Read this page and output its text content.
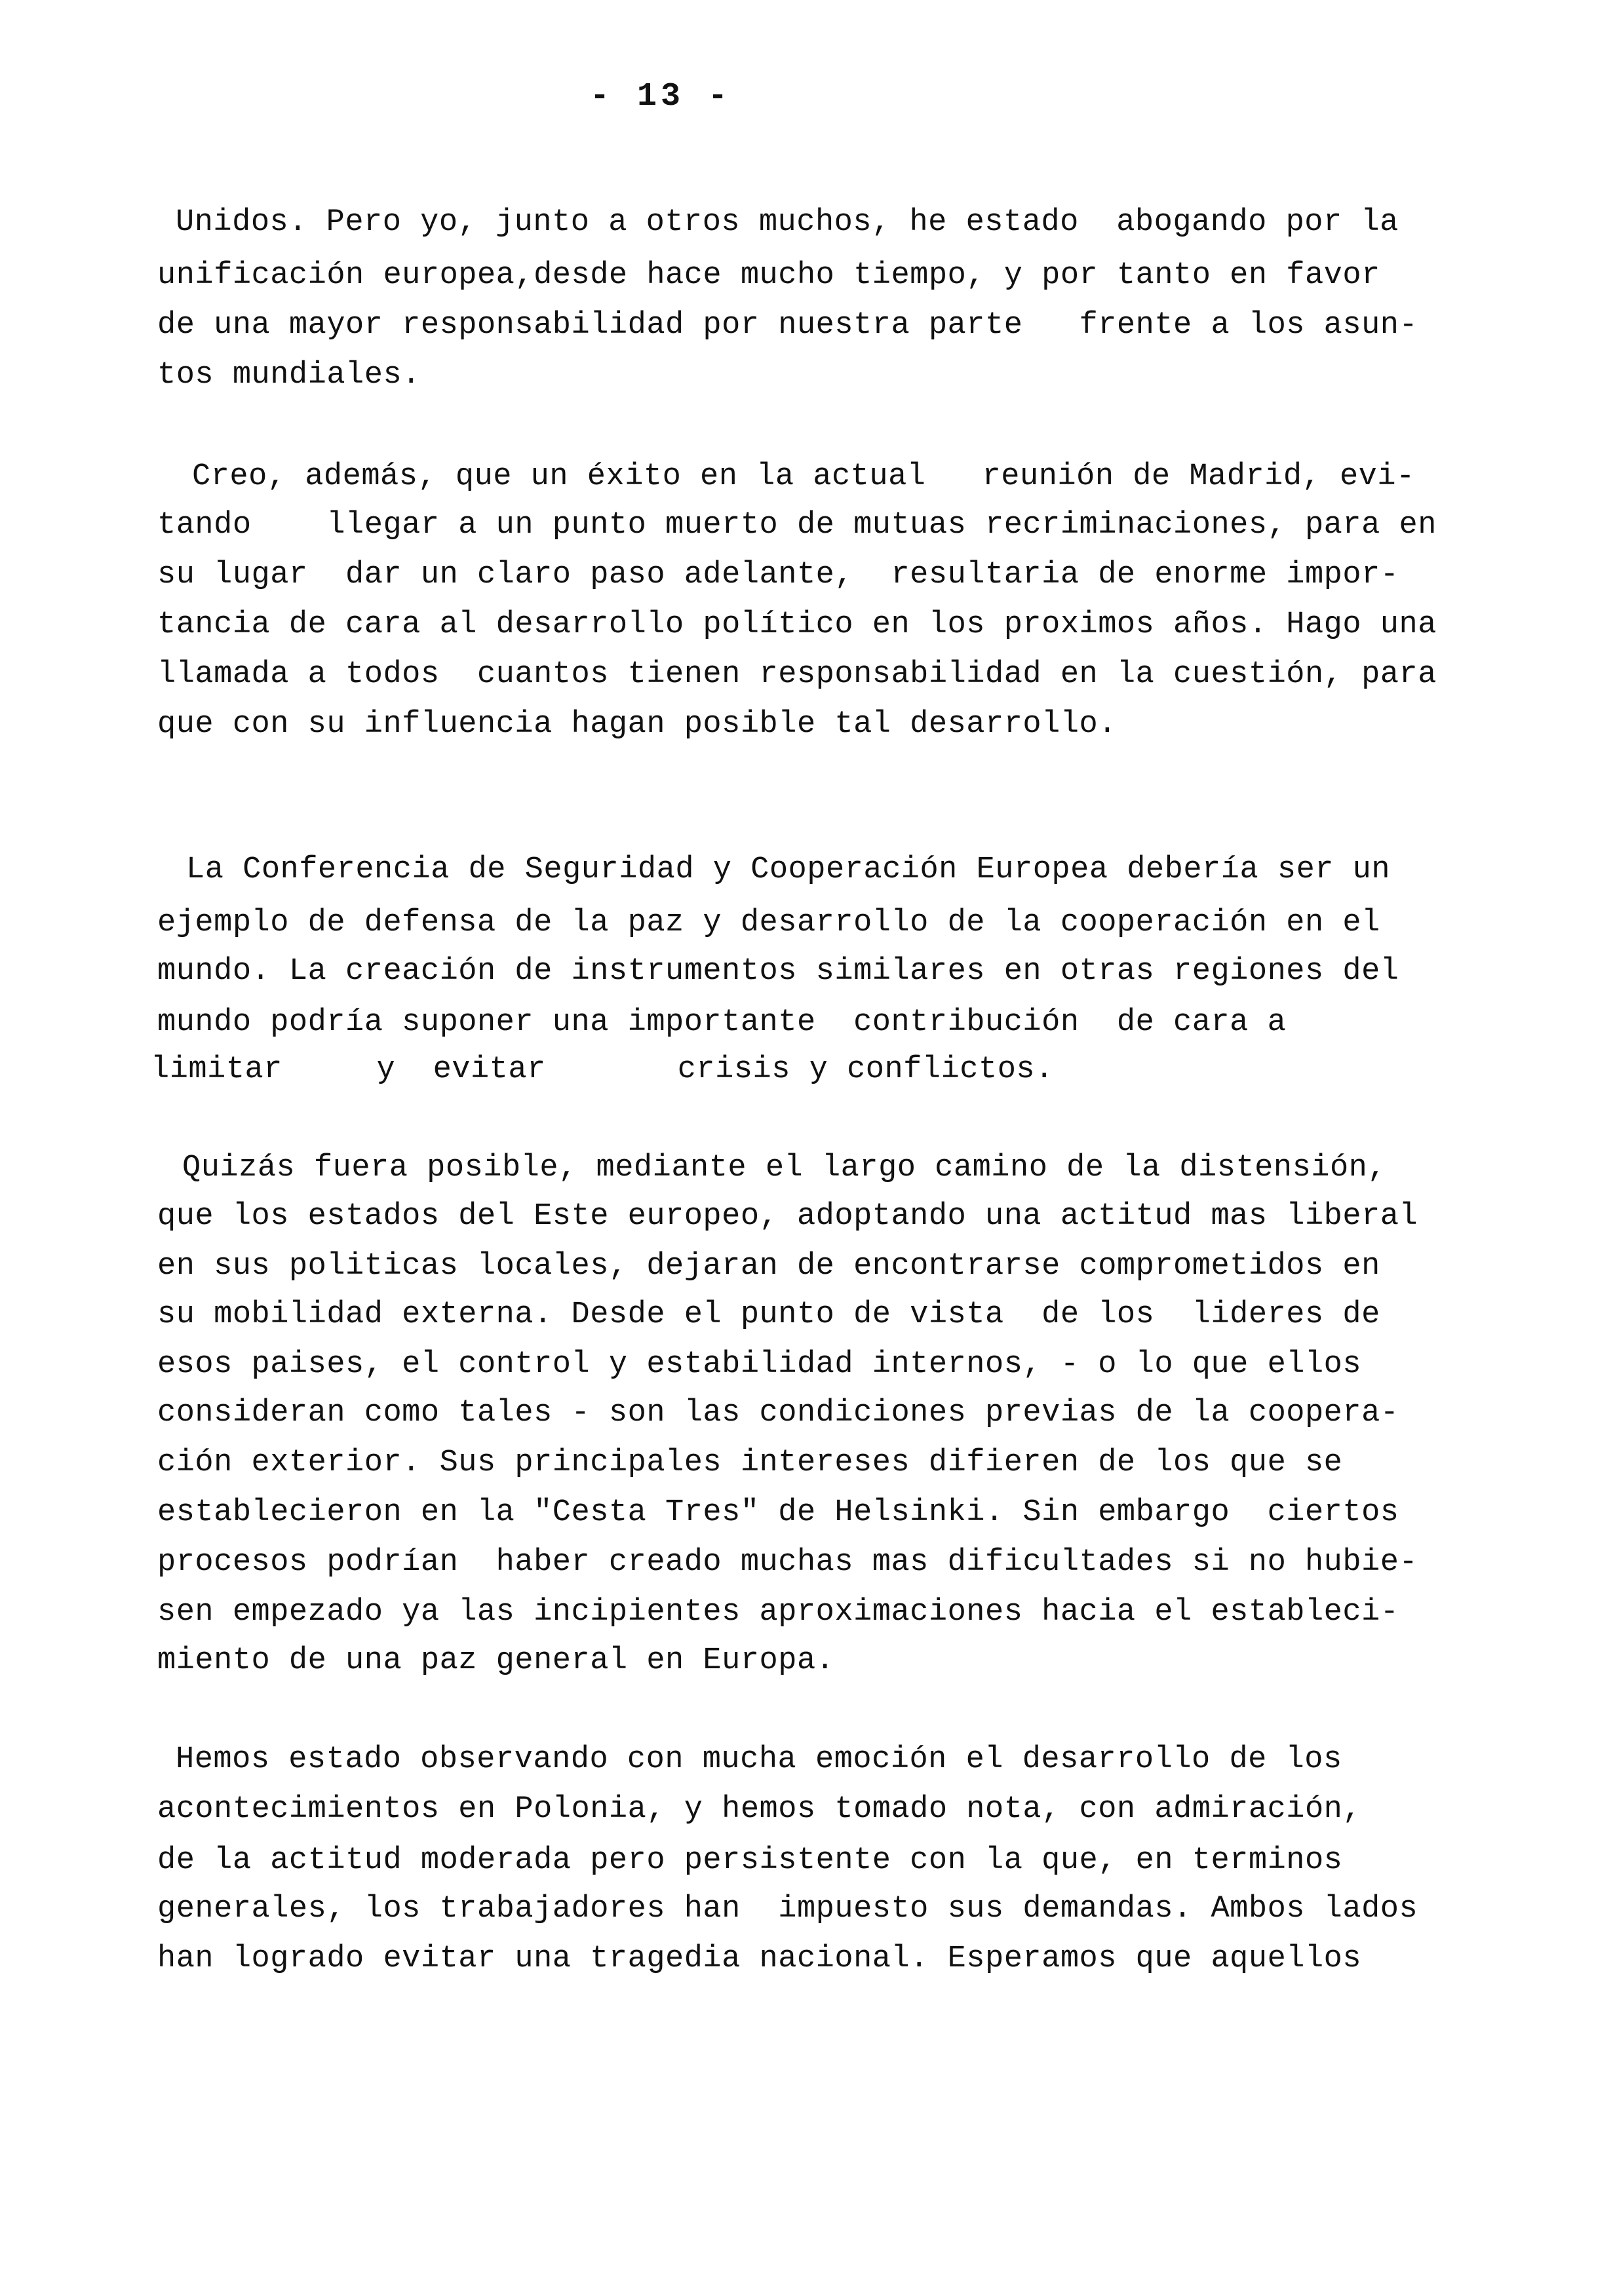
- 13 -
Unidos. Pero yo, junto a otros muchos, he estado  abogando por la
unificación europea,desde hace mucho tiempo, y por tanto en favor
de una mayor responsabilidad por nuestra parte   frente a los asun-
tos mundiales.
Creo, además, que un éxito en la actual   reunión de Madrid, evi-
tando    llegar a un punto muerto de mutuas recriminaciones, para en
su lugar  dar un claro paso adelante,  resultaria de enorme impor-
tancia de cara al desarrollo político en los proximos años. Hago una
llamada a todos  cuantos tienen responsabilidad en la cuestión, para
que con su influencia hagan posible tal desarrollo.
La Conferencia de Seguridad y Cooperación Europea debería ser un
ejemplo de defensa de la paz y desarrollo de la cooperación en el
mundo. La creación de instrumentos similares en otras regiones del
mundo podría suponer una importante  contribución  de cara a
limitar     y  evitar       crisis y conflictos.
Quizás fuera posible, mediante el largo camino de la distensión,
que los estados del Este europeo, adoptando una actitud mas liberal
en sus politicas locales, dejaran de encontrarse comprometidos en
su mobilidad externa. Desde el punto de vista  de los  lideres de
esos paises, el control y estabilidad internos, - o lo que ellos
consideran como tales - son las condiciones previas de la coopera-
ción exterior. Sus principales intereses difieren de los que se
establecieron en la "Cesta Tres" de Helsinki. Sin embargo  ciertos
procesos podrían  haber creado muchas mas dificultades si no hubie-
sen empezado ya las incipientes aproximaciones hacia el estableci-
miento de una paz general en Europa.
Hemos estado observando con mucha emoción el desarrollo de los
acontecimientos en Polonia, y hemos tomado nota, con admiración,
de la actitud moderada pero persistente con la que, en terminos
generales, los trabajadores han  impuesto sus demandas. Ambos lados
han logrado evitar una tragedia nacional. Esperamos que aquellos
